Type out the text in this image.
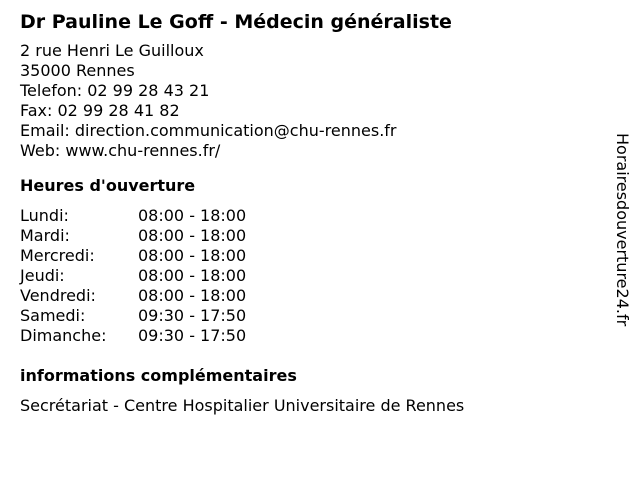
Dr Pauline Le Goff - Médecin généraliste
2 rue Henri Le Guilloux
35000 Rennes
Telefon: 02 99 28 43 21
Fax: 02 99 28 41 82
Email: direction.communication@chu-rennes.fr
Web: www.chu-rennes.fr/
Heures d'ouverture
Lundi:	08:00 - 18:00
Mardi:	08:00 - 18:00
Mercredi:	08:00 - 18:00
Jeudi:	08:00 - 18:00
Vendredi:	08:00 - 18:00
Samedi:	09:30 - 17:50
Dimanche:	09:30 - 17:50
informations complémentaires
Secrétariat - Centre Hospitalier Universitaire de Rennes
Horairesdouverture24.fr
